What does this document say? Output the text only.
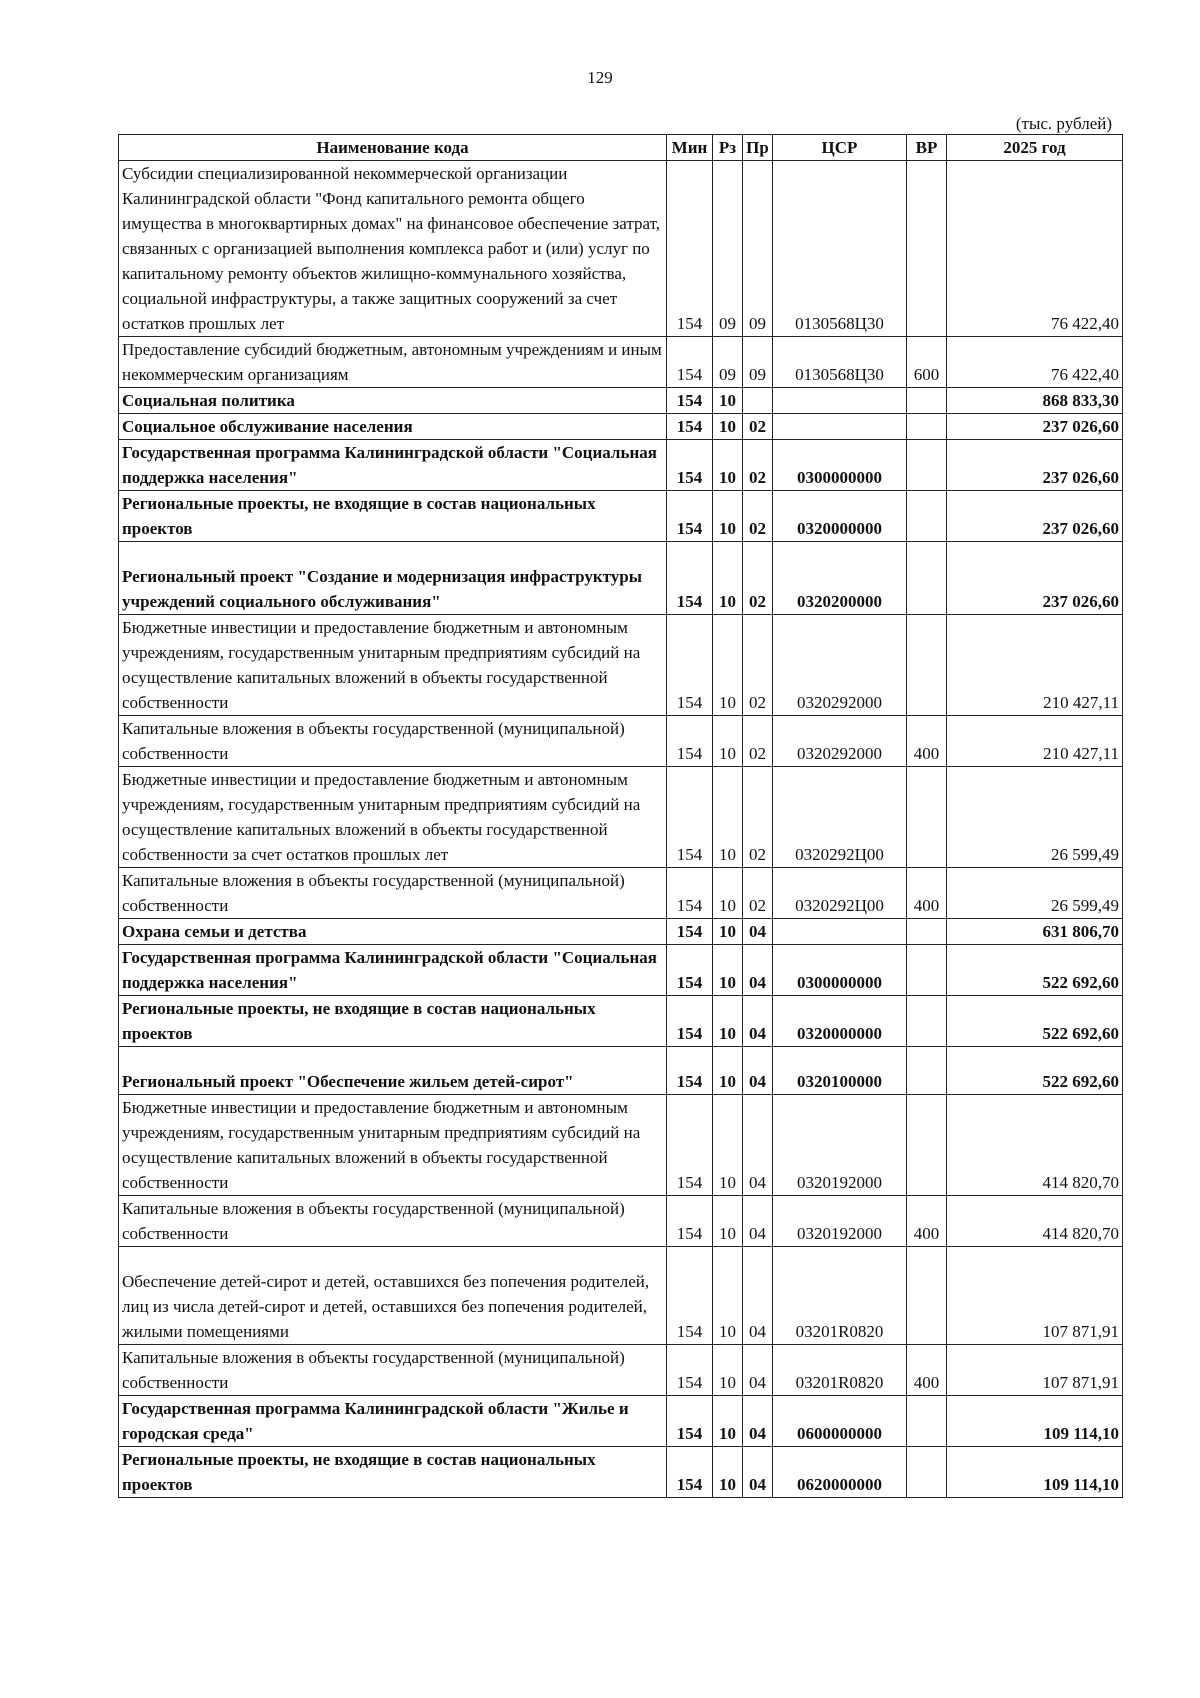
129
(тыс. рублей)
Наименование кода	Мин	Рз	Пр	ЦСР	ВР	2025 год
Субсидии специализированной некоммерческой организации Калининградской области "Фонд капитального ремонта общего имущества в многоквартирных домах" на финансовое обеспечение затрат, связанных с организацией выполнения комплекса работ и (или) услуг по капитальному ремонту объектов жилищно-коммунального хозяйства, социальной инфраструктуры, а также защитных сооружений за счет остатков прошлых лет	154	09	09	0130568Ц30		76 422,40
Предоставление субсидий бюджетным, автономным учреждениям и иным некоммерческим организациям	154	09	09	0130568Ц30	600	76 422,40
Социальная политика	154	10				868 833,30
Социальное обслуживание населения	154	10	02			237 026,60
Государственная программа Калининградской области "Социальная поддержка населения"	154	10	02	0300000000		237 026,60
Региональные проекты, не входящие в состав национальных проектов	154	10	02	0320000000		237 026,60
Региональный проект "Создание и модернизация инфраструктуры учреждений социального обслуживания"	154	10	02	0320200000		237 026,60
Бюджетные инвестиции и предоставление бюджетным и автономным учреждениям, государственным унитарным предприятиям субсидий на осуществление капитальных вложений в объекты государственной собственности	154	10	02	0320292000		210 427,11
Капитальные вложения в объекты государственной (муниципальной) собственности	154	10	02	0320292000	400	210 427,11
Бюджетные инвестиции и предоставление бюджетным и автономным учреждениям, государственным унитарным предприятиям субсидий на осуществление капитальных вложений в объекты государственной собственности за счет остатков прошлых лет	154	10	02	0320292Ц00		26 599,49
Капитальные вложения в объекты государственной (муниципальной) собственности	154	10	02	0320292Ц00	400	26 599,49
Охрана семьи и детства	154	10	04			631 806,70
Государственная программа Калининградской области "Социальная поддержка населения"	154	10	04	0300000000		522 692,60
Региональные проекты, не входящие в состав национальных проектов	154	10	04	0320000000		522 692,60
Региональный проект "Обеспечение жильем детей-сирот"	154	10	04	0320100000		522 692,60
Бюджетные инвестиции и предоставление бюджетным и автономным учреждениям, государственным унитарным предприятиям субсидий на осуществление капитальных вложений в объекты государственной собственности	154	10	04	0320192000		414 820,70
Капитальные вложения в объекты государственной (муниципальной) собственности	154	10	04	0320192000	400	414 820,70
Обеспечение детей-сирот и детей, оставшихся без попечения родителей, лиц из числа детей-сирот и детей, оставшихся без попечения родителей, жилыми помещениями	154	10	04	03201R0820		107 871,91
Капитальные вложения в объекты государственной (муниципальной) собственности	154	10	04	03201R0820	400	107 871,91
Государственная программа Калининградской области "Жилье и городская среда"	154	10	04	0600000000		109 114,10
Региональные проекты, не входящие в состав национальных проектов	154	10	04	0620000000		109 114,10
